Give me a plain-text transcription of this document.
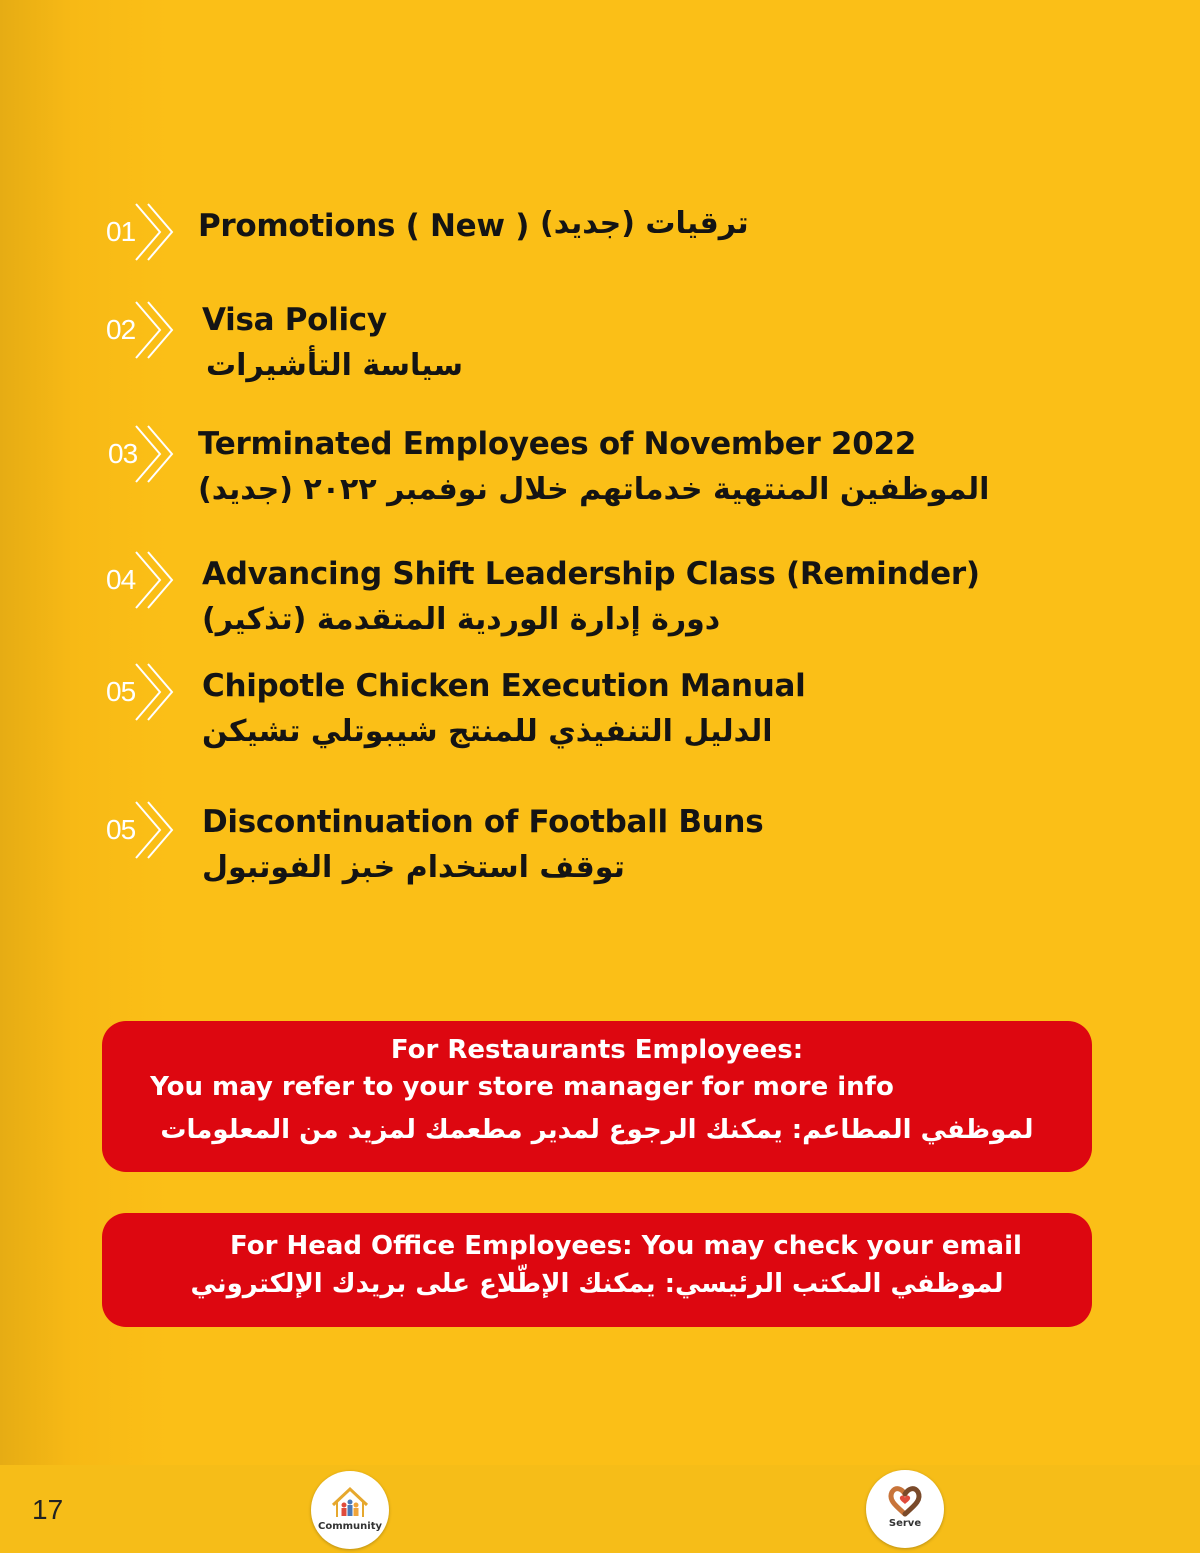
01	Promotions ( New ) ترقيات (جديد)
02	Visa Policy
سياسة التأشيرات
03	Terminated Employees of November 2022
الموظفين المنتهية خدماتهم خلال نوفمبر ٢٠٢٢ (جديد)
04	Advancing Shift Leadership Class (Reminder)
دورة إدارة الوردية المتقدمة (تذكير)
05	Chipotle Chicken Execution Manual
الدليل التنفيذي للمنتج شيبوتلي تشيكن
05	Discontinuation of Football Buns
توقف استخدام خبز الفوتبول
For Restaurants Employees:
You may refer to your store manager for more info
لموظفي المطاعم: يمكنك الرجوع لمدير مطعمك لمزيد من المعلومات
For Head Office Employees: You may check your email
لموظفي المكتب الرئيسي: يمكنك الإطّلاع على بريدك الإلكتروني
17
Community	Serve
